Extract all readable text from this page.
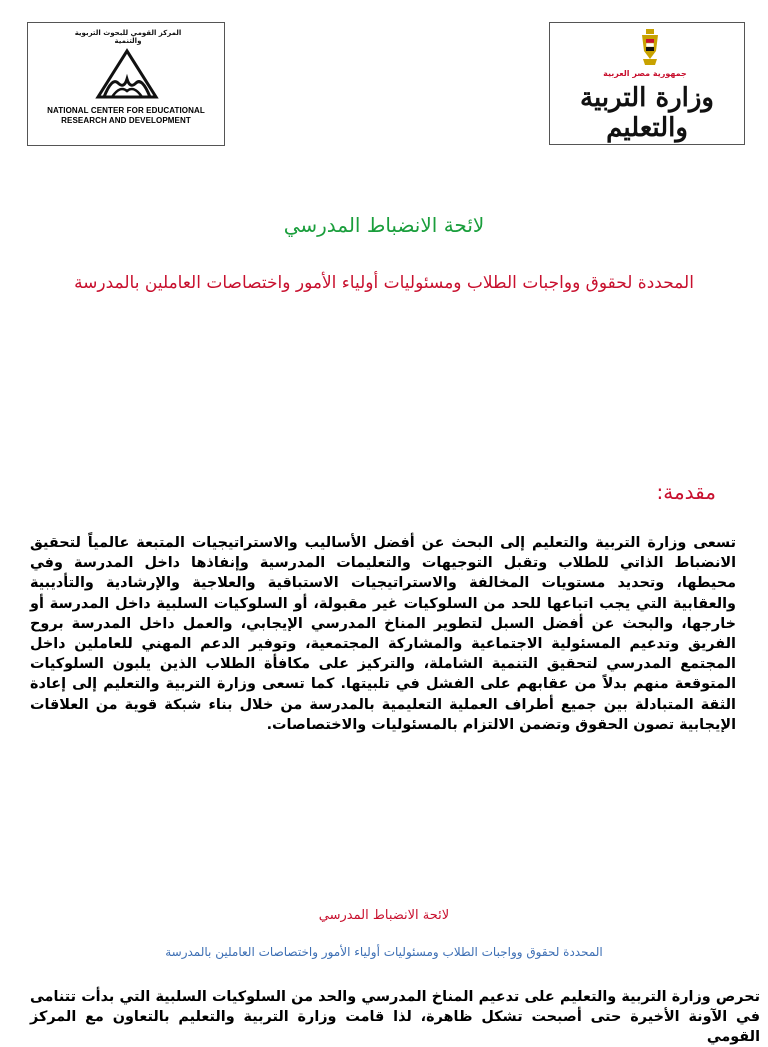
المركز القومي للبحوث التربوية والتنمية
NATIONAL CENTER FOR EDUCATIONAL
RESEARCH AND DEVELOPMENT
جمهورية مصر العربية
وزارة التربية والتعليم
لائحة الانضباط المدرسي
المحددة لحقوق وواجبات الطلاب ومسئوليات أولياء الأمور واختصاصات العاملين بالمدرسة
مقدمة:
تسعى وزارة التربية والتعليم إلى البحث عن أفضل الأساليب والاستراتيجيات المتبعة عالمياً لتحقيق الانضباط الذاتي للطلاب وتقبل التوجيهات والتعليمات المدرسية وإنفاذها داخل المدرسة وفي محيطها، وتحديد مستويات المخالفة والاستراتيجيات الاستباقية والعلاجية والإرشادية والتأديبية والعقابية التي يجب اتباعها للحد من السلوكيات غير مقبولة، أو السلوكيات السلبية داخل المدرسة أو خارجها، والبحث عن أفضل السبل لتطوير المناخ المدرسي الإيجابي، والعمل داخل المدرسة بروح الفريق وتدعيم المسئولية الاجتماعية والمشاركة المجتمعية، وتوفير الدعم المهني للعاملين داخل المجتمع المدرسي لتحقيق التنمية الشاملة، والتركيز على مكافأة الطلاب الذين يلبون السلوكيات المتوقعة منهم بدلاً من عقابهم على الفشل في تلبيتها. كما تسعى وزارة التربية والتعليم إلى إعادة الثقة المتبادلة بين جميع أطراف العملية التعليمية بالمدرسة من خلال بناء شبكة قوية من العلاقات الإيجابية تصون الحقوق وتضمن الالتزام بالمسئوليات والاختصاصات.
لائحة الانضباط المدرسي
المحددة لحقوق وواجبات الطلاب ومسئوليات أولياء الأمور واختصاصات العاملين بالمدرسة
تحرص وزارة التربية والتعليم على تدعيم المناخ المدرسي والحد من السلوكيات السلبية التي بدأت تتنامى في الآونة الأخيرة حتى أصبحت تشكل ظاهرة، لذا قامت وزارة التربية والتعليم بالتعاون مع المركز القومي
